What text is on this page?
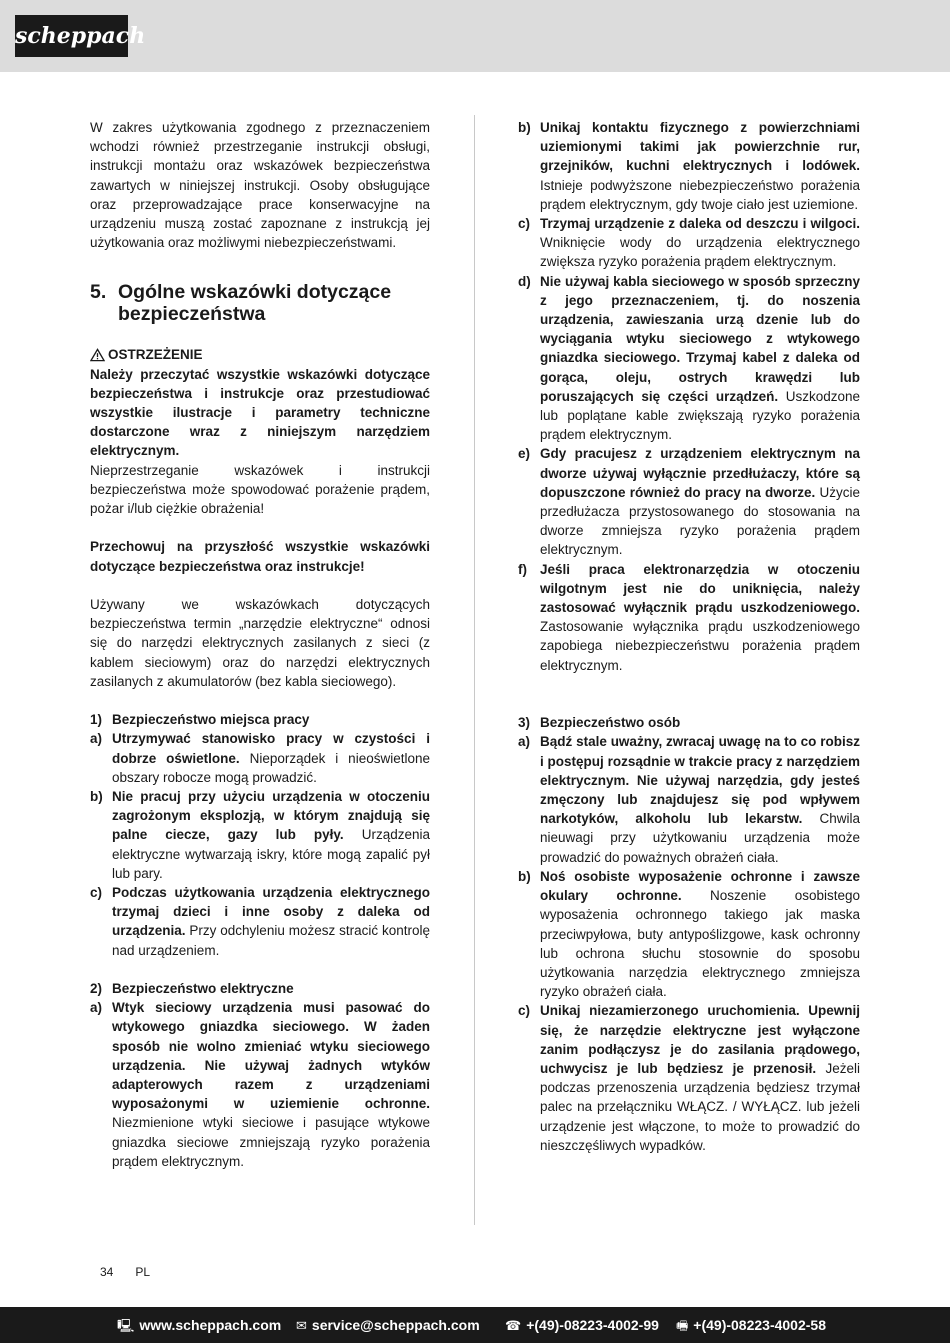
scheppach

W zakres użytkowania zgodnego z przeznaczeniem wchodzi również przestrzeganie instrukcji obsługi, instrukcji montażu oraz wskazówek bezpieczeństwa zawartych w niniejszej instrukcji. Osoby obsługujące oraz przeprowadzające prace konserwacyjne na urządzeniu muszą zostać zapoznane z instrukcją jej użytkowania oraz możliwymi niebezpieczeństwami.

5. Ogólne wskazówki dotyczące bezpieczeństwa
OSTRZEŻENIE

Należy przeczytać wszystkie wskazówki dotyczące bezpieczeństwa i instrukcje oraz przestudiować wszystkie ilustracje i parametry techniczne dostarczone wraz z niniejszym narzędziem elektrycznym.

Nieprzestrzeganie wskazówek i instrukcji bezpieczeństwa może spowodować porażenie prądem, pożar i/lub ciężkie obrażenia!

Przechowuj na przyszłość wszystkie wskazówki dotyczące bezpieczeństwa oraz instrukcje!

Używany we wskazówkach dotyczących bezpieczeństwa termin „narzędzie elektryczne“ odnosi się do narzędzi elektrycznych zasilanych z sieci (z kablem sieciowym) oraz do narzędzi elektrycznych zasilanych z akumulatorów (bez kabla sieciowego).

1) Bezpieczeństwo miejsca pracy
a) Utrzymywać stanowisko pracy w czystości i dobrze oświetlone. Nieporządek i nieoświetlone obszary robocze mogą prowadzić.
b) Nie pracuj przy użyciu urządzenia w otoczeniu zagrożonym eksplozją, w którym znajdują się palne ciecze, gazy lub pyły. Urządzenia elektryczne wytwarzają iskry, które mogą zapalić pył lub pary.
c) Podczas użytkowania urządzenia elektrycznego trzymaj dzieci i inne osoby z daleka od urządzenia. Przy odchyleniu możesz stracić kontrolę nad urządzeniem.
2) Bezpieczeństwo elektryczne
a) Wtyk sieciowy urządzenia musi pasować do wtykowego gniazdka sieciowego. W żaden sposób nie wolno zmieniać wtyku sieciowego urządzenia. Nie używaj żadnych wtyków adapterowych razem z urządzeniami wyposażonymi w uziemienie ochronne. Niezmienione wtyki sieciowe i pasujące wtykowe gniazdka sieciowe zmniejszają ryzyko porażenia prądem elektrycznym.
b) Unikaj kontaktu fizycznego z powierzchniami uziemionymi takimi jak powierzchnie rur, grzejników, kuchni elektrycznych i lodówek. Istnieje podwyższone niebezpieczeństwo porażenia prądem elektrycznym, gdy twoje ciało jest uziemione.
c) Trzymaj urządzenie z daleka od deszczu i wilgoci. Wniknięcie wody do urządzenia elektrycznego zwiększa ryzyko porażenia prądem elektrycznym.
d) Nie używaj kabla sieciowego w sposób sprzeczny z jego przeznaczeniem, tj. do noszenia urządzenia, zawieszania urzą dzenie lub do wyciągania wtyku sieciowego z wtykowego gniazdka sieciowego. Trzymaj kabel z daleka od gorąca, oleju, ostrych krawędzi lub poruszających się części urządzeń. Uszkodzone lub poplątane kable zwiększają ryzyko porażenia prądem elektrycznym.
e) Gdy pracujesz z urządzeniem elektrycznym na dworze używaj wyłącznie przedłużaczy, które są dopuszczone również do pracy na dworze. Użycie przedłużacza przystosowanego do stosowania na dworze zmniejsza ryzyko porażenia prądem elektrycznym.
f) Jeśli praca elektronarzędzia w otoczeniu wilgotnym jest nie do uniknięcia, należy zastosować wyłącznik prądu uszkodzeniowego. Zastosowanie wyłącznika prądu uszkodzeniowego zapobiega niebezpieczeństwu porażenia prądem elektrycznym.
3) Bezpieczeństwo osób
a) Bądź stale uważny, zwracaj uwagę na to co robisz i postępuj rozsądnie w trakcie pracy z narzędziem elektrycznym. Nie używaj narzędzia, gdy jesteś zmęczony lub znajdujesz się pod wpływem narkotyków, alkoholu lub lekarstw. Chwila nieuwagi przy użytkowaniu urządzenia może prowadzić do poważnych obrażeń ciała.
b) Noś osobiste wyposażenie ochronne i zawsze okulary ochronne. Noszenie osobistego wyposażenia ochronnego takiego jak maska przeciwpyłowa, buty antypoślizgowe, kask ochronny lub ochrona słuchu stosownie do sposobu użytkowania narzędzia elektrycznego zmniejsza ryzyko obrażeń ciała.
c) Unikaj niezamierzonego uruchomienia. Upewnij się, że narzędzie elektryczne jest wyłączone zanim podłączysz je do zasilania prądowego, uchwycisz je lub będziesz je przenosił. Jeżeli podczas przenoszenia urządzenia będziesz trzymał palec na przełączniku WŁĄCZ. / WYŁĄCZ. lub jeżeli urządzenie jest włączone, to może to prowadzić do nieszczęśliwych wypadków.
34 PL
🖳 www.scheppach.com ✉ service@scheppach.com ☎ +(49)-08223-4002-99 🖷 +(49)-08223-4002-58
